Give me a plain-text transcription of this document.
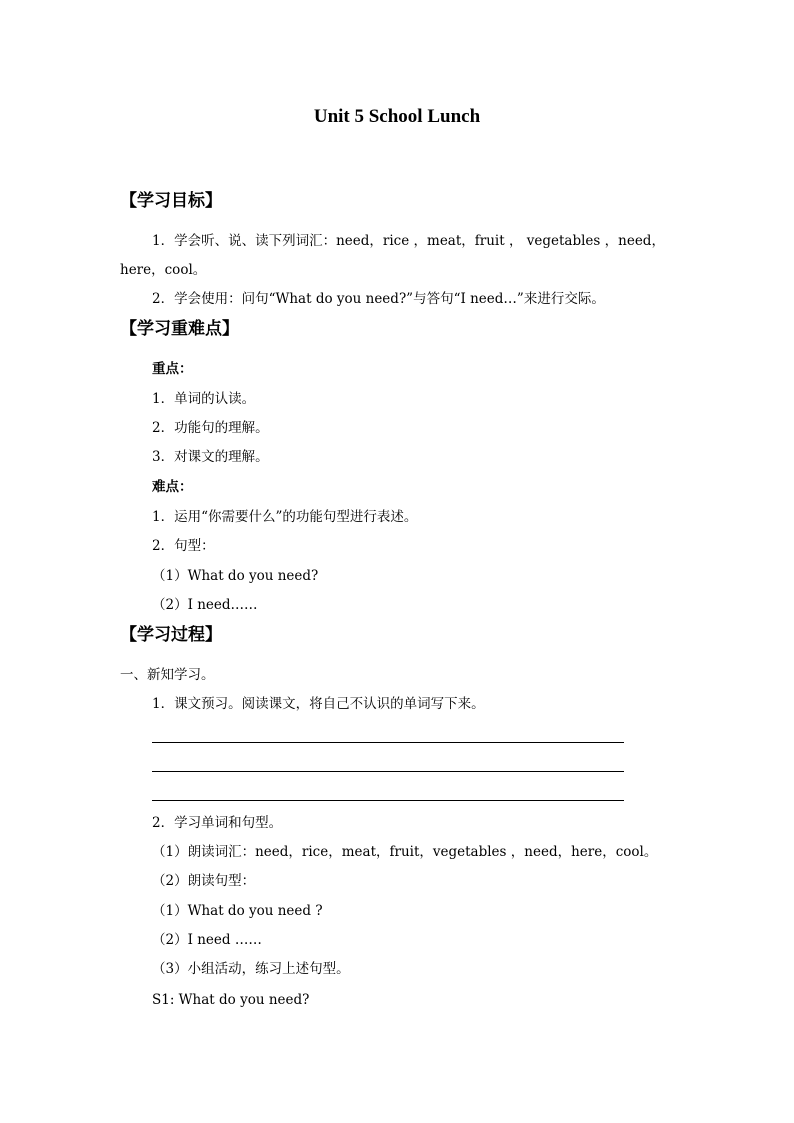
Unit 5 School Lunch
【学习目标】
1．学会听、说、读下列词汇：need，rice ，meat，fruit ， vegetables ，need，
here，cool。
2．学会使用：问句“What do you need?”与答句“I need…”来进行交际。
【学习重难点】
重点：
1．单词的认读。
2．功能句的理解。
3．对课文的理解。
难点：
1．运用“你需要什么”的功能句型进行表述。
2．句型：
（1）What do you need?
（2）I need……
【学习过程】
一、新知学习。
1．课文预习。阅读课文，将自己不认识的单词写下来。
2．学习单词和句型。
（1）朗读词汇：need，rice，meat，fruit，vegetables ，need，here，cool。
（2）朗读句型：
（1）What do you need ?
（2）I need ……
（3）小组活动，练习上述句型。
S1: What do you need?
